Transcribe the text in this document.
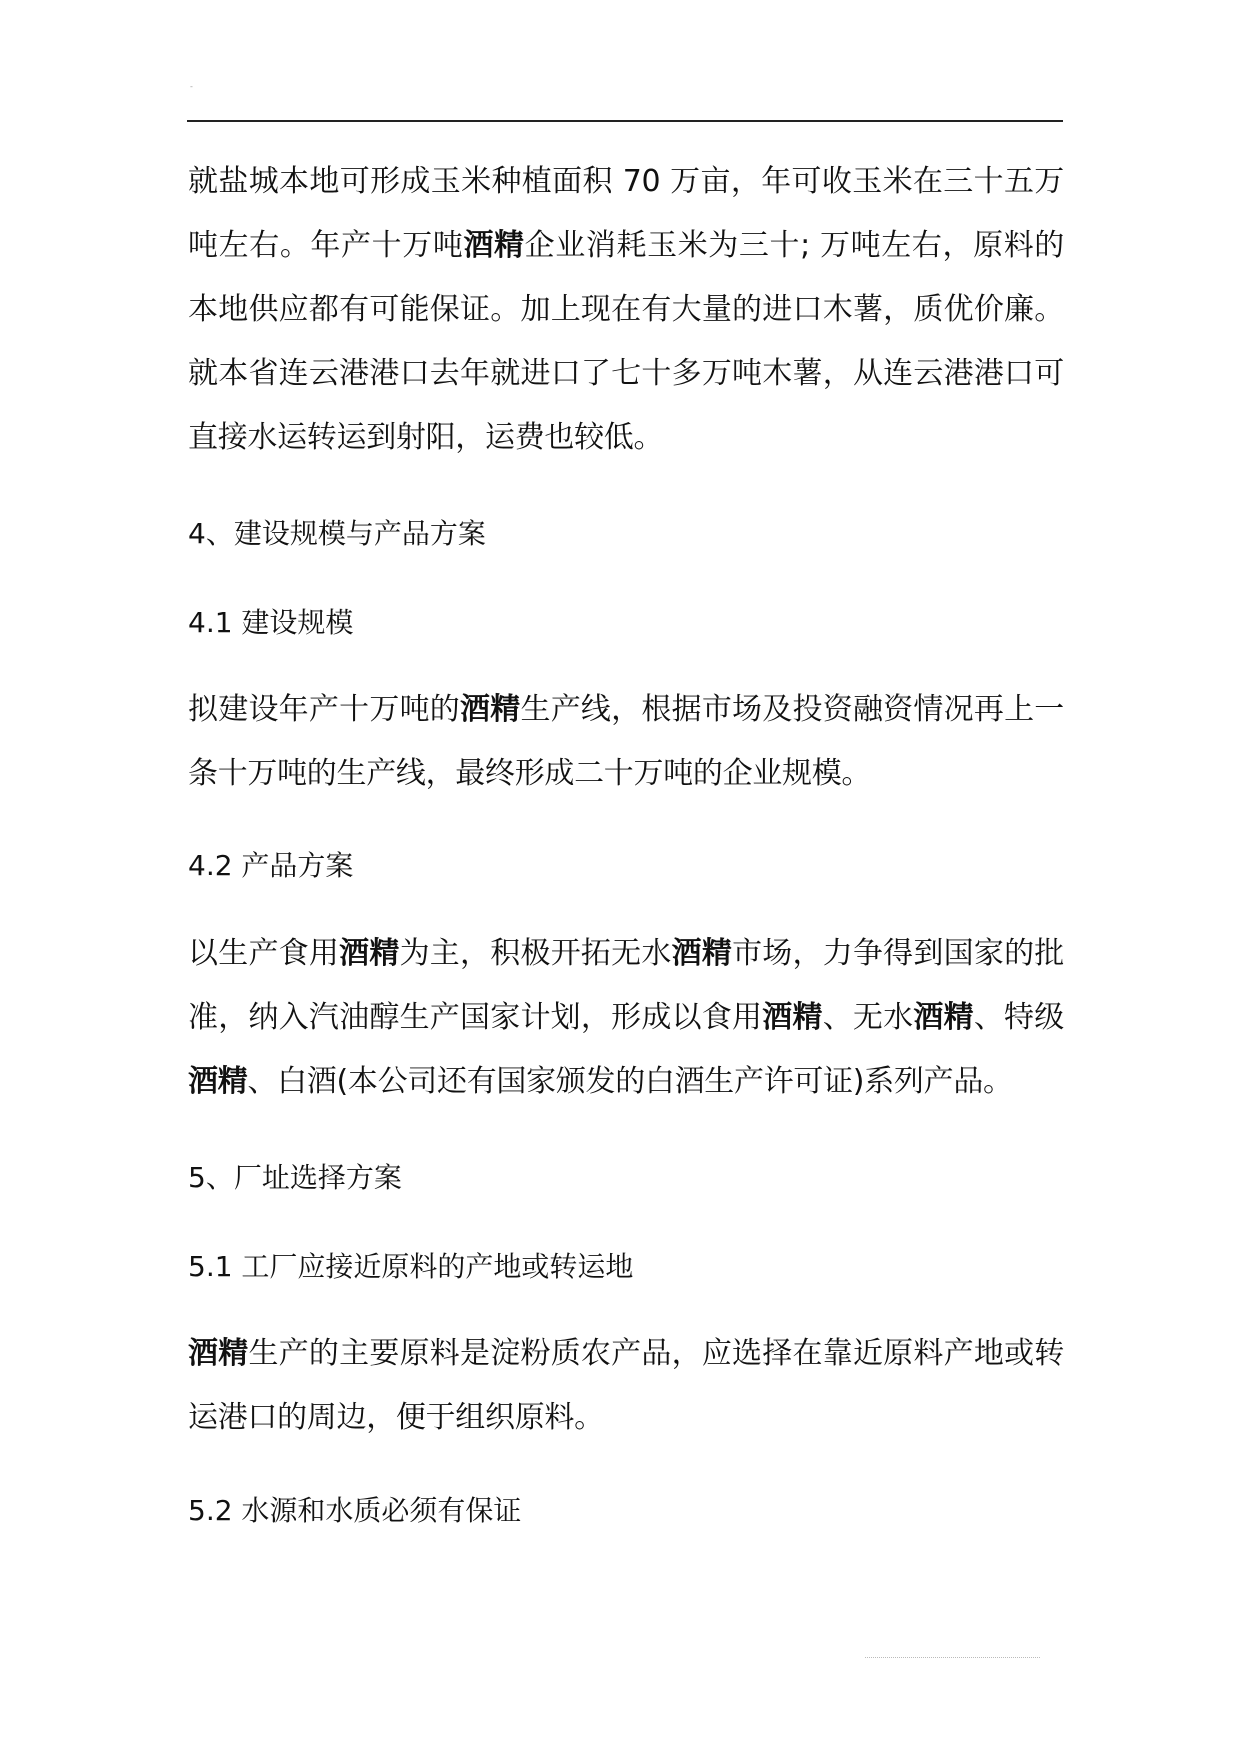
-
就盐城本地可形成玉米种植面积 70 万亩，年可收玉米在三十五万吨左右。年产十万吨酒精企业消耗玉米为三十; 万吨左右，原料的本地供应都有可能保证。加上现在有大量的进口木薯，质优价廉。就本省连云港港口去年就进口了七十多万吨木薯，从连云港港口可直接水运转运到射阳，运费也较低。
4、建设规模与产品方案
4.1 建设规模
拟建设年产十万吨的酒精生产线，根据市场及投资融资情况再上一条十万吨的生产线，最终形成二十万吨的企业规模。
4.2 产品方案
以生产食用酒精为主，积极开拓无水酒精市场，力争得到国家的批准，纳入汽油醇生产国家计划，形成以食用酒精、无水酒精、特级酒精、白酒(本公司还有国家颁发的白酒生产许可证)系列产品。
5、厂址选择方案
5.1 工厂应接近原料的产地或转运地
酒精生产的主要原料是淀粉质农产品，应选择在靠近原料产地或转运港口的周边，便于组织原料。
5.2 水源和水质必须有保证
